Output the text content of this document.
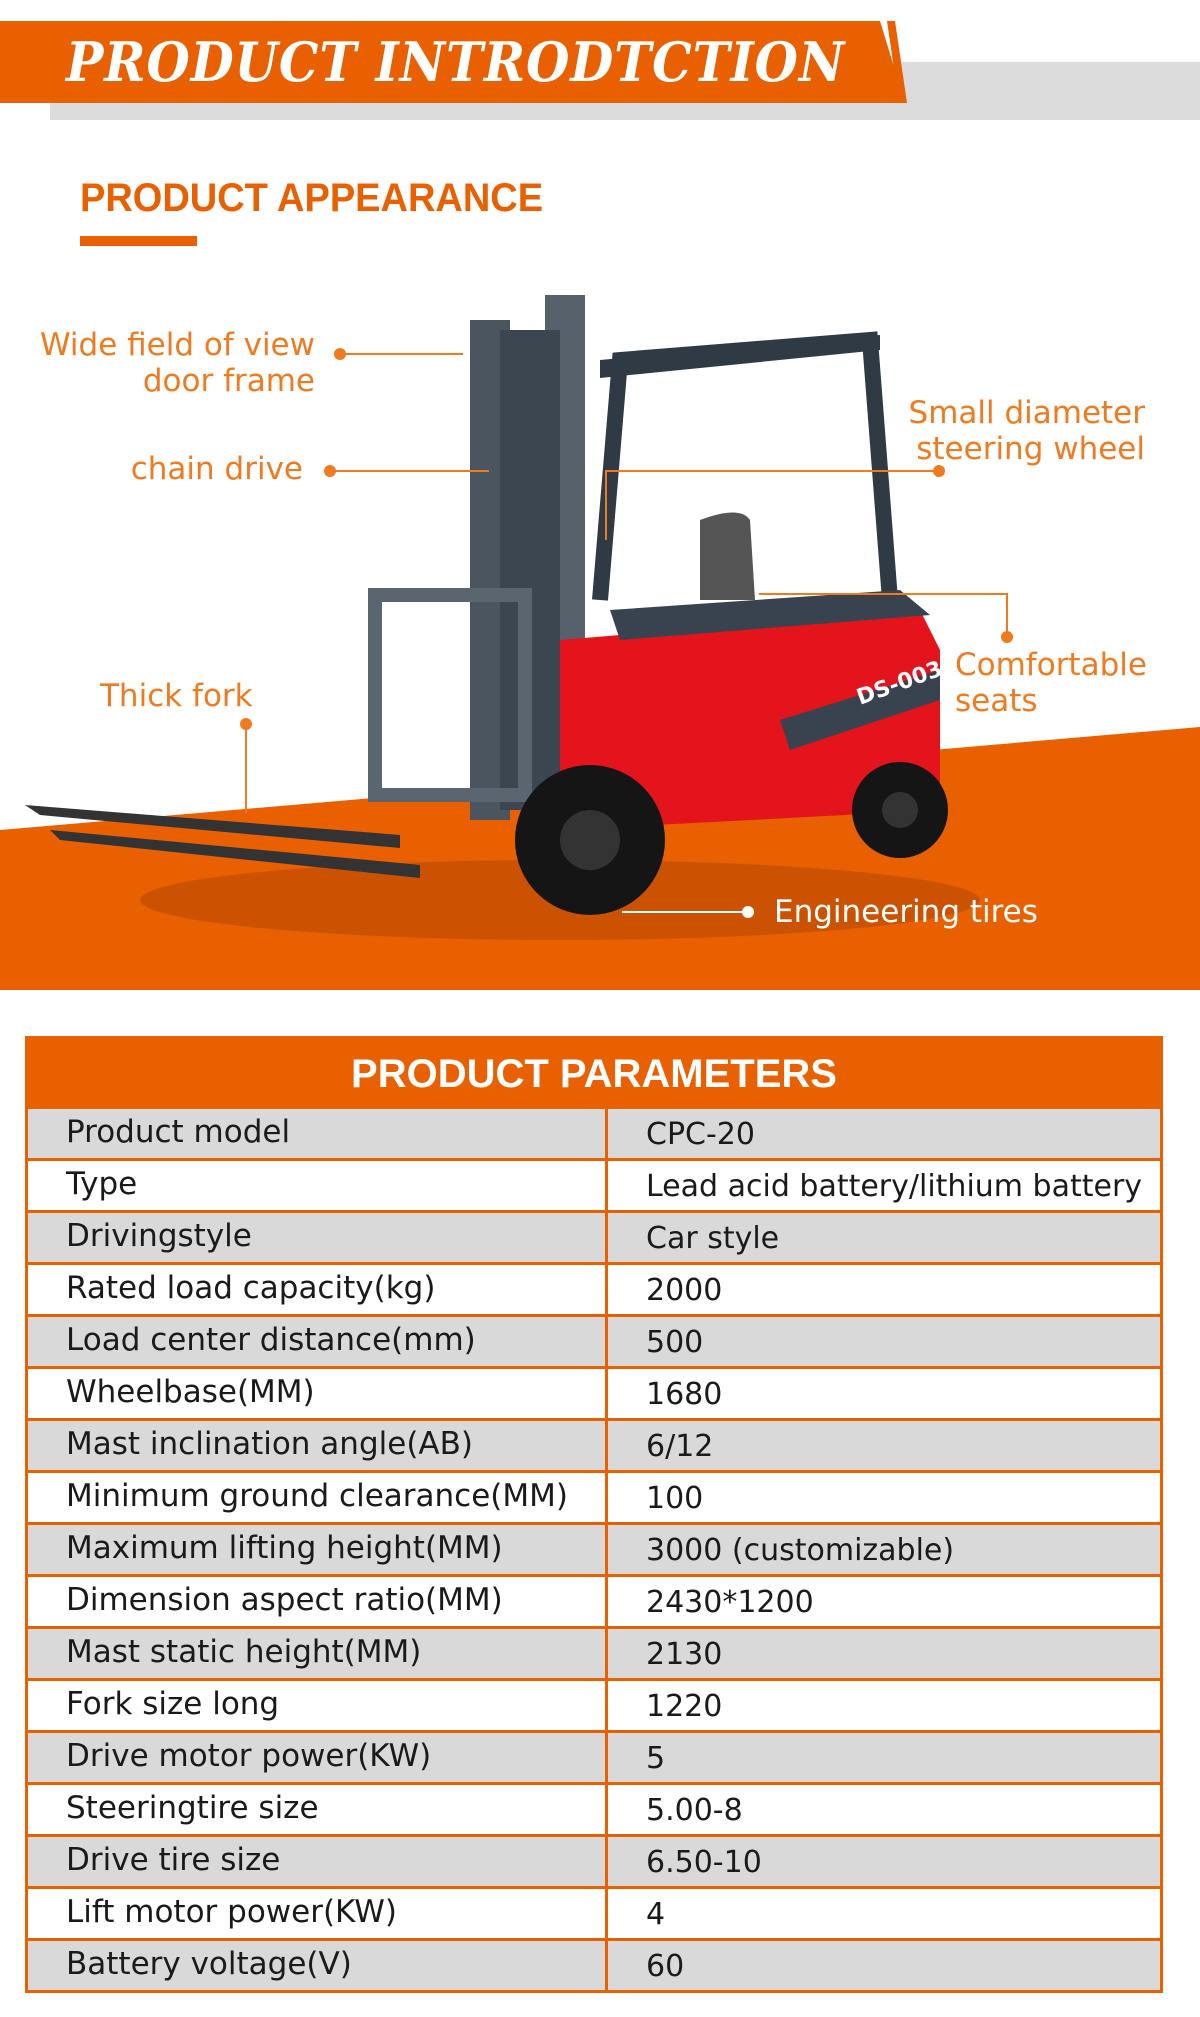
PRODUCT INTRODTCTION
PRODUCT APPEARANCE
DS-003
Wide field of view
door frame
chain drive
Small diameter
steering wheel
Comfortable
seats
Thick fork
Engineering tires
PRODUCT PARAMETERS
Product model	CPC-20
Type	Lead acid battery/lithium battery
Drivingstyle	Car style
Rated load capacity(kg)	2000
Load center distance(mm)	500
Wheelbase(MM)	1680
Mast inclination angle(AB)	6/12
Minimum ground clearance(MM)	100
Maximum lifting height(MM)	3000 (customizable)
Dimension aspect ratio(MM)	2430*1200
Mast static height(MM)	2130
Fork size long	1220
Drive motor power(KW)	5
Steeringtire size	5.00-8
Drive tire size	6.50-10
Lift motor power(KW)	4
Battery voltage(V)	60
